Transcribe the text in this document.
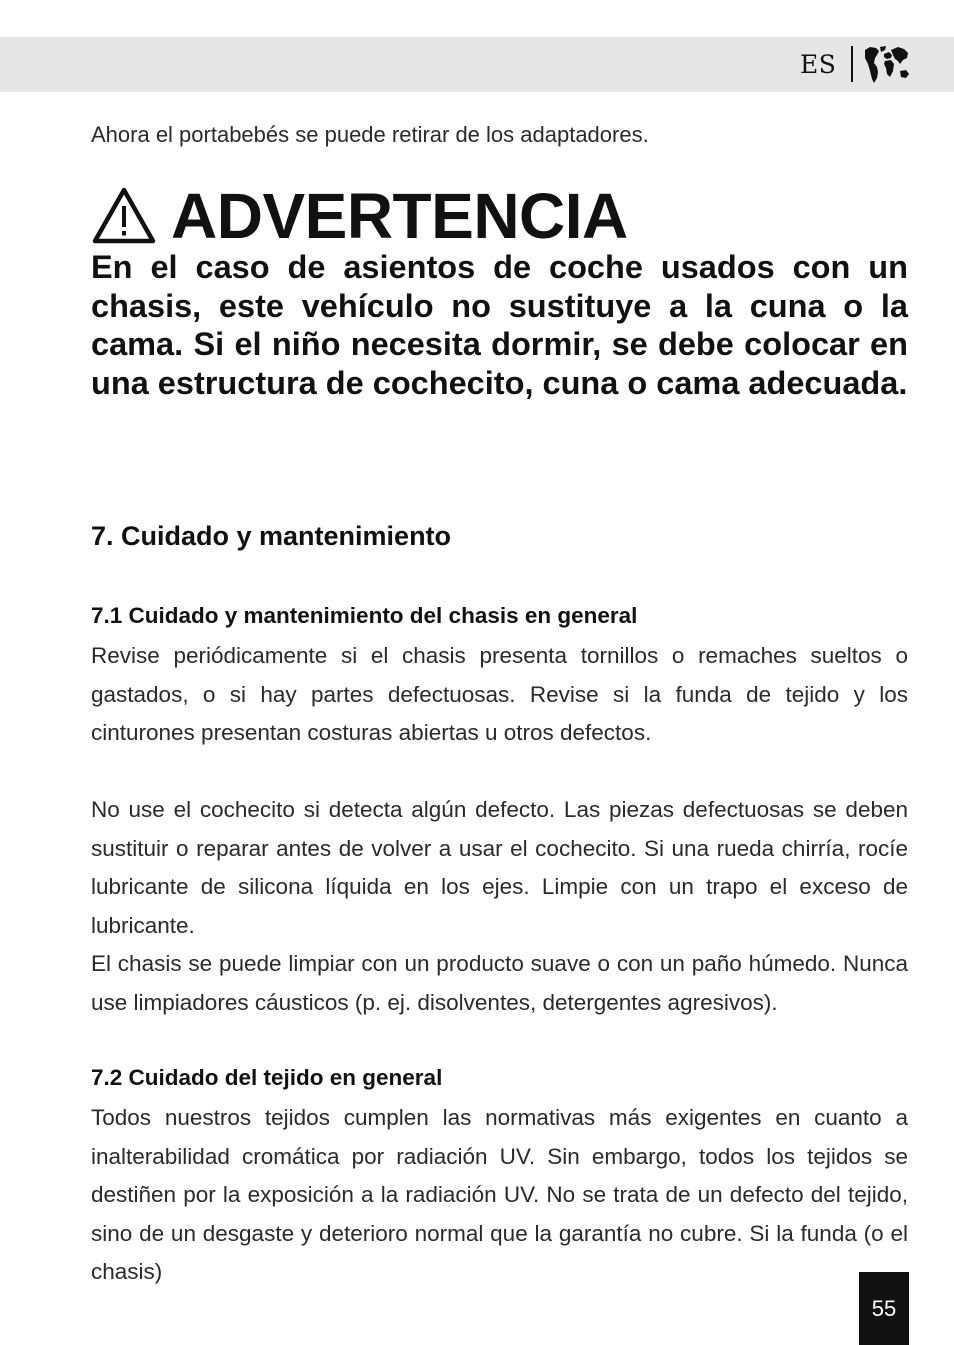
ES
Ahora el portabebés se puede retirar de los adaptadores.
ADVERTENCIA

En el caso de asientos de coche usados con un chasis, este vehículo no sustituye a la cuna o la cama. Si el niño necesita dormir, se debe colocar en una estructura de cochecito, cuna o cama adecuada.

7. Cuidado y mantenimiento
7.1 Cuidado y mantenimiento del chasis en general

Revise periódicamente si el chasis presenta tornillos o remaches sueltos o gastados, o si hay partes defectuosas. Revise si la funda de tejido y los cinturones presentan costuras abiertas u otros defectos.

No use el cochecito si detecta algún defecto. Las piezas defectuosas se deben sustituir o reparar antes de volver a usar el cochecito. Si una rueda chirría, rocíe lubricante de silicona líquida en los ejes. Limpie con un trapo el exceso de lubricante.

El chasis se puede limpiar con un producto suave o con un paño húmedo. Nunca use limpiadores cáusticos (p. ej. disolventes, detergentes agresivos).

7.2 Cuidado del tejido en general

Todos nuestros tejidos cumplen las normativas más exigentes en cuanto a inalterabilidad cromática por radiación UV. Sin embargo, todos los tejidos se destiñen por la exposición a la radiación UV. No se trata de un defecto del tejido, sino de un desgaste y deterioro normal que la garantía no cubre. Si la funda (o el chasis)

55
